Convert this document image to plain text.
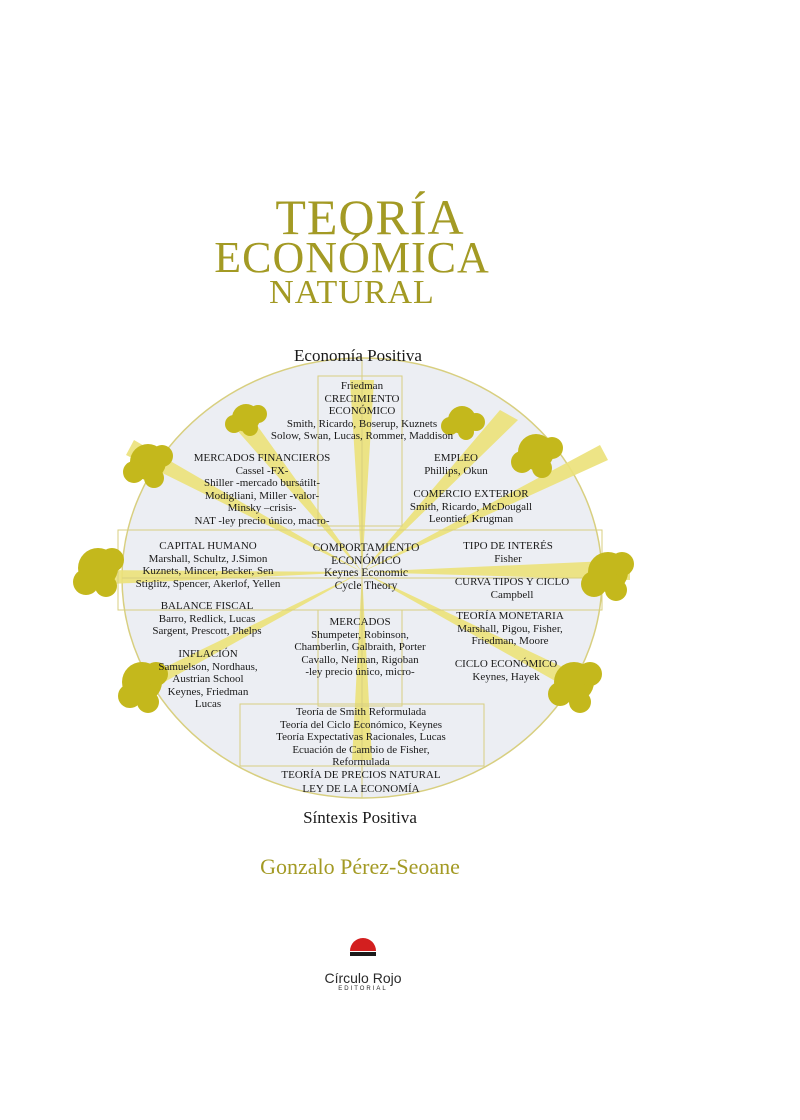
TEORÍA
ECONÓMICA
NATURAL
Economía Positiva
Friedman
CRECIMIENTO
ECONÓMICO
Smith, Ricardo, Boserup, Kuznets
Solow, Swan, Lucas, Rommer, Maddison
MERCADOS FINANCIEROS
Cassel -FX-
Shiller -mercado bursátilt-
Modigliani, Miller -valor-
Minsky –crisis-
NAT -ley precio único, macro-
EMPLEO
Phillips, Okun
COMERCIO EXTERIOR
Smith, Ricardo, McDougall
Leontief, Krugman
CAPITAL HUMANO
Marshall, Schultz, J.Simon
Kuznets, Mincer, Becker, Sen
Stiglitz, Spencer, Akerlof, Yellen
COMPORTAMIENTO
ECONÓMICO
Keynes Economic
Cycle Theory
TIPO DE INTERÉS
Fisher
CURVA TIPOS Y CICLO
Campbell
BALANCE FISCAL
Barro, Redlick, Lucas
Sargent, Prescott, Phelps
MERCADOS
Shumpeter, Robinson,
Chamberlin, Galbraith, Porter
Cavallo, Neiman, Rigoban
-ley precio único, micro-
TEORÍA MONETARIA
Marshall, Pigou, Fisher,
Friedman, Moore
INFLACIÓN
Samuelson, Nordhaus,
Austrian School
Keynes, Friedman
Lucas
CICLO ECONÓMICO
Keynes, Hayek
Teoría de Smith Reformulada
Teoría del Ciclo Económico, Keynes
Teoría Expectativas Racionales, Lucas
Ecuación de Cambio de Fisher,
Reformulada
TEORÍA DE PRECIOS NATURAL
LEY DE LA ECONOMÍA
Síntexis Positiva
Gonzalo Pérez-Seoane
Círculo Rojo
EDITORIAL
